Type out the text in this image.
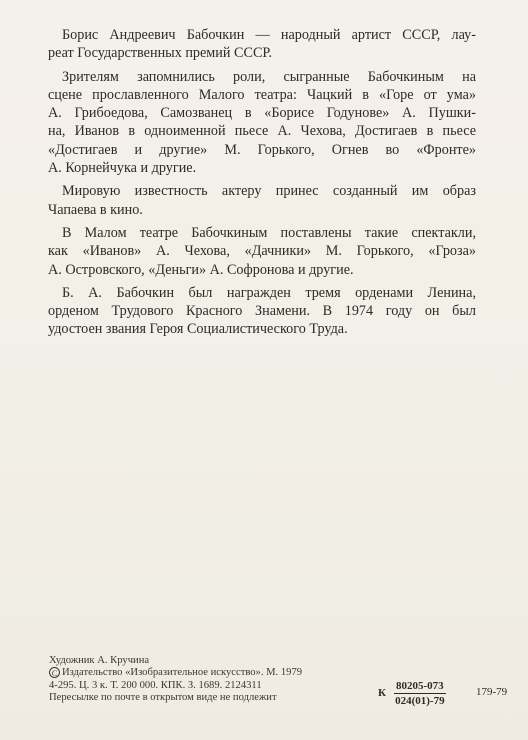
Борис Андреевич Бабочкин — народный артист СССР, лау-
реат Государственных премий СССР.

Зрителям запомнились роли, сыгранные Бабочкиным на
сцене прославленного Малого театра: Чацкий в «Горе от ума»
А. Грибоедова, Самозванец в «Борисе Годунове» А. Пушки-
на, Иванов в одноименной пьесе А. Чехова, Достигаев в пьесе
«Достигаев и другие» М. Горького, Огнев во «Фронте»
А. Корнейчука и другие.

Мировую известность актеру принес созданный им образ
Чапаева в кино.

В Малом театре Бабочкиным поставлены такие спектакли,
как «Иванов» А. Чехова, «Дачники» М. Горького, «Гроза»
А. Островского, «Деньги» А. Софронова и другие.

Б. А. Бабочкин был награжден тремя орденами Ленина,
орденом Трудового Красного Знамени. В 1974 году он был
удостоен звания Героя Социалистического Труда.

Художник А. Кручина
C Издательство «Изобразительное искусство». М. 1979
4-295. Ц. 3 к. Т. 200 000. КПК. З. 1689. 2124311
Пересылке по почте в открытом виде не подлежит	К $\frac{80205-073}{024(01)-79}$	179-79
